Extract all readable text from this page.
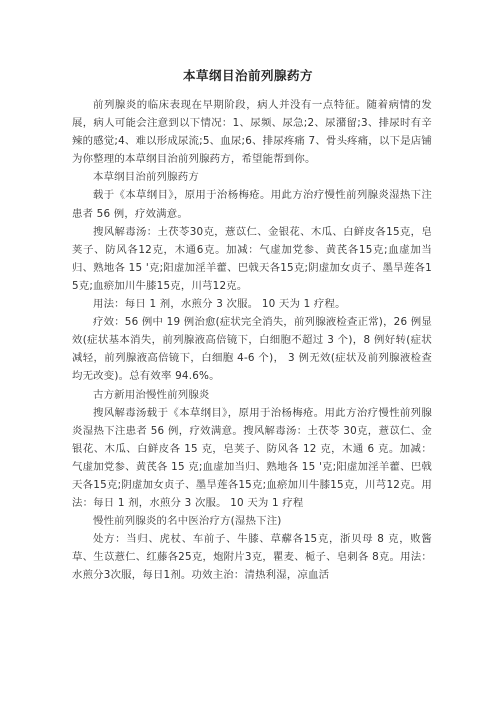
本草纲目治前列腺药方

前列腺炎的临床表现在早期阶段，病人并没有一点特征。随着病情的发展，病人可能会注意到以下情况：1、尿频、尿急;2、尿潴留;3、排尿时有辛辣的感觉;4、难以形成尿流;5、血尿;6、排尿疼痛 7、骨头疼痛，以下是店铺为你整理的本草纲目治前列腺药方，希望能帮到你。

本草纲目治前列腺药方

载于《本草纲目》，原用于治杨梅疮。用此方治疗慢性前列腺炎湿热下注患者 56 例，疗效满意。

搜风解毒汤：土茯苓30克，薏苡仁、金银花、木瓜、白鲜皮各15克，皂荚子、防风各12克，木通6克。加减：气虚加党参、黄芪各15克;血虚加当归、熟地各 15 '克;阳虚加淫羊藿、巴戟天各15克;阴虚加女贞子、墨旱莲各15克;血瘀加川牛膝15克，川芎12克。

用法：每日 1 剂，水煎分 3 次服。 10 天为 1 疗程。

疗效：56 例中 19 例治愈(症状完全消失，前列腺液检查正常)，26 例显效(症状基本消失，前列腺液高倍镜下，白细胞不超过 3 个)，8 例好转(症状减轻，前列腺液高倍镜下，白细胞 4-6 个)， 3 例无效(症状及前列腺液检查均无改变)。总有效率 94.6%。

古方新用治慢性前列腺炎

搜风解毒汤载于《本草纲目》，原用于治杨梅疮。用此方治疗慢性前列腺炎湿热下注患者 56 例，疗效满意。搜风解毒汤：土茯苓 30克，薏苡仁、金银花、木瓜、白鲜皮各 15 克，皂荚子、防风各 12 克，木通 6 克。加减：气虚加党参、黄芪各 15 克;血虚加当归、熟地各 15 '克;阳虚加淫羊藿、巴戟天各15克;阴虚加女贞子、墨旱莲各15克;血瘀加川牛膝15克，川芎12克。用法：每日 1 剂，水煎分 3 次服。 10 天为 1 疗程

慢性前列腺炎的名中医治疗方(湿热下注)

处方：当归、虎杖、车前子、牛膝、草薢各15克，浙贝母 8 克，败酱草、生苡薏仁、红藤各25克，炮附片3克，瞿麦、栀子、皂刺各 8克。用法：水煎分3次服，每日1剂。功效主治：清热利湿，凉血活
